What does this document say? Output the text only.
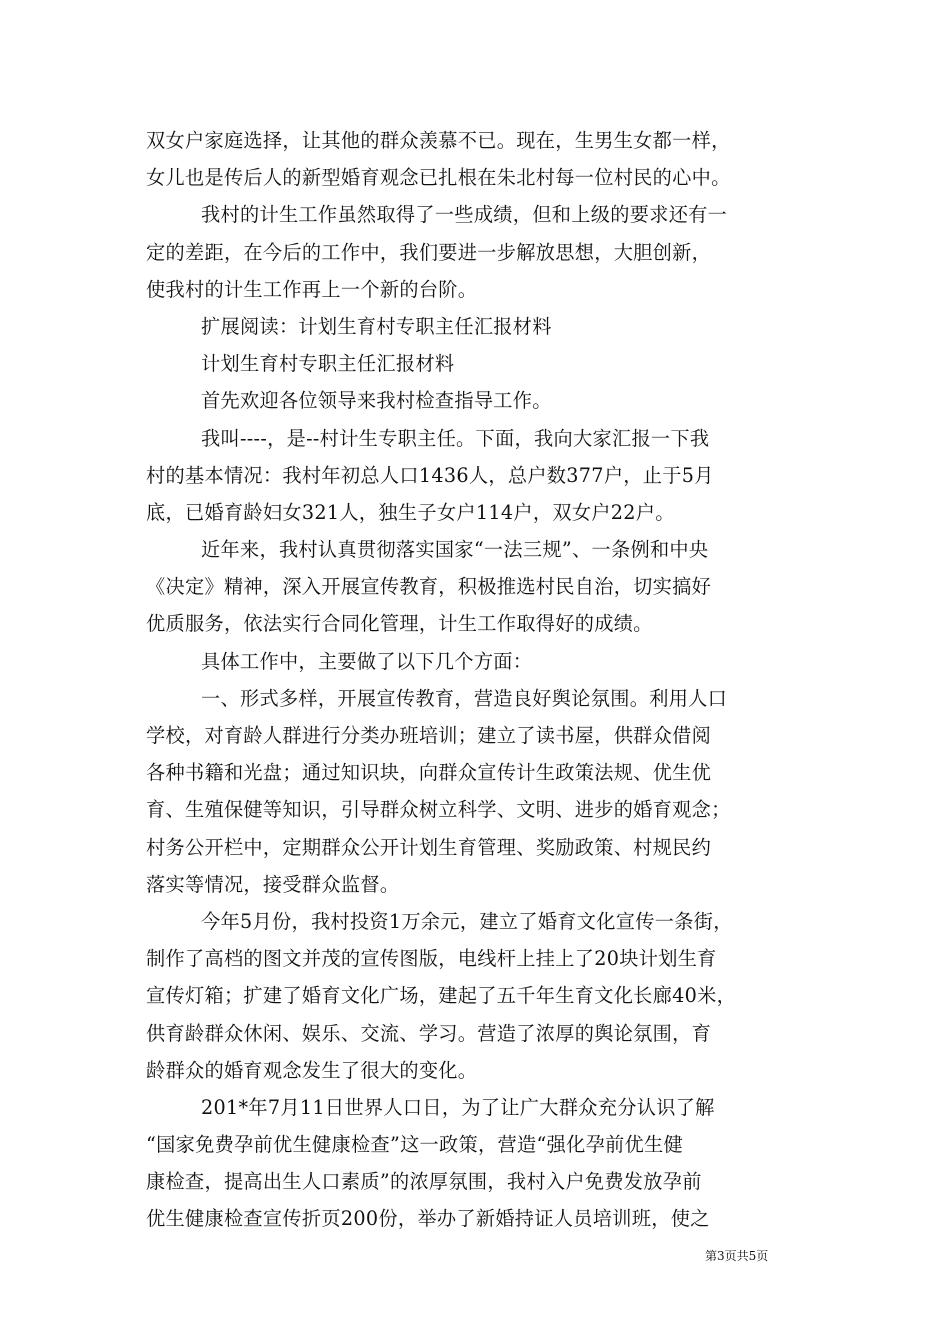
双女户家庭选择，让其他的群众羡慕不已。现在，生男生女都一样，
女儿也是传后人的新型婚育观念已扎根在朱北村每一位村民的心中。
我村的计生工作虽然取得了一些成绩，但和上级的要求还有一
定的差距，在今后的工作中，我们要进一步解放思想，大胆创新，
使我村的计生工作再上一个新的台阶。
扩展阅读：计划生育村专职主任汇报材料
计划生育村专职主任汇报材料
首先欢迎各位领导来我村检查指导工作。
我叫----，是--村计生专职主任。下面，我向大家汇报一下我
村的基本情况：我村年初总人口1436人，总户数377户，止于5月
底，已婚育龄妇女321人，独生子女户114户，双女户22户。
近年来，我村认真贯彻落实国家“一法三规”、一条例和中央
《决定》精神，深入开展宣传教育，积极推选村民自治，切实搞好
优质服务，依法实行合同化管理，计生工作取得好的成绩。
具体工作中，主要做了以下几个方面：
一、形式多样，开展宣传教育，营造良好舆论氛围。利用人口
学校，对育龄人群进行分类办班培训；建立了读书屋，供群众借阅
各种书籍和光盘；通过知识块，向群众宣传计生政策法规、优生优
育、生殖保健等知识，引导群众树立科学、文明、进步的婚育观念；
村务公开栏中，定期群众公开计划生育管理、奖励政策、村规民约
落实等情况，接受群众监督。
今年5月份，我村投资1万余元，建立了婚育文化宣传一条街，
制作了高档的图文并茂的宣传图版，电线杆上挂上了20块计划生育
宣传灯箱；扩建了婚育文化广场，建起了五千年生育文化长廊40米，
供育龄群众休闲、娱乐、交流、学习。营造了浓厚的舆论氛围，育
龄群众的婚育观念发生了很大的变化。
201*年7月11日世界人口日，为了让广大群众充分认识了解
“国家免费孕前优生健康检查”这一政策，营造“强化孕前优生健
康检查，提高出生人口素质”的浓厚氛围，我村入户免费发放孕前
优生健康检查宣传折页200份，举办了新婚持证人员培训班，使之
第3页共5页
